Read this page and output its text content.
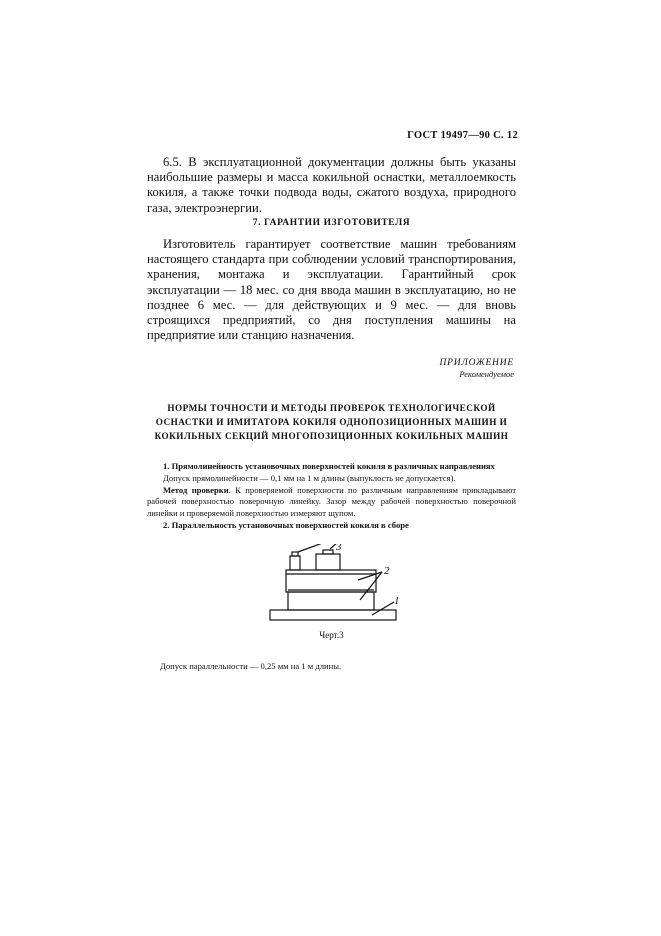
ГОСТ 19497—90 С. 12

6.5. В эксплуатационной документации должны быть указаны наибольшие размеры и масса кокильной оснастки, металлоемкость кокиля, а также точки подвода воды, сжатого воздуха, природного газа, электроэнергии.

7. ГАРАНТИИ ИЗГОТОВИТЕЛЯ

Изготовитель гарантирует соответствие машин требованиям настоящего стандарта при соблюдении условий транспортирования, хранения, монтажа и эксплуатации. Гарантийный срок эксплуатации — 18 мес. со дня ввода машин в эксплуатацию, но не позднее 6 мес. — для действующих и 9 мес. — для вновь строящихся предприятий, со дня поступления машины на предприятие или станцию назначения.

ПРИЛОЖЕНИЕ
Рекомендуемое

НОРМЫ ТОЧНОСТИ И МЕТОДЫ ПРОВЕРОК ТЕХНОЛОГИЧЕСКОЙ ОСНАСТКИ И ИМИТАТОРА КОКИЛЯ ОДНОПОЗИЦИОННЫХ МАШИН И КОКИЛЬНЫХ СЕКЦИЙ МНОГОПОЗИЦИОННЫХ КОКИЛЬНЫХ МАШИН

1. Прямолинейность установочных поверхностей кокиля в различных направлениях

Допуск прямолинейности — 0,1 мм на 1 м длины (выпуклость не допускается).

Метод проверки. К проверяемой поверхности по различным направлениям прикладывают рабочей поверхностью поверочную линейку. Зазор между рабочей поверхностью поверочной линейки и проверяемой поверхностью измеряют щупом.

2. Параллельность установочных поверхностей кокиля в сборе

3
2
1
Черт.3
Допуск параллельности — 0,25 мм на 1 м длины.
